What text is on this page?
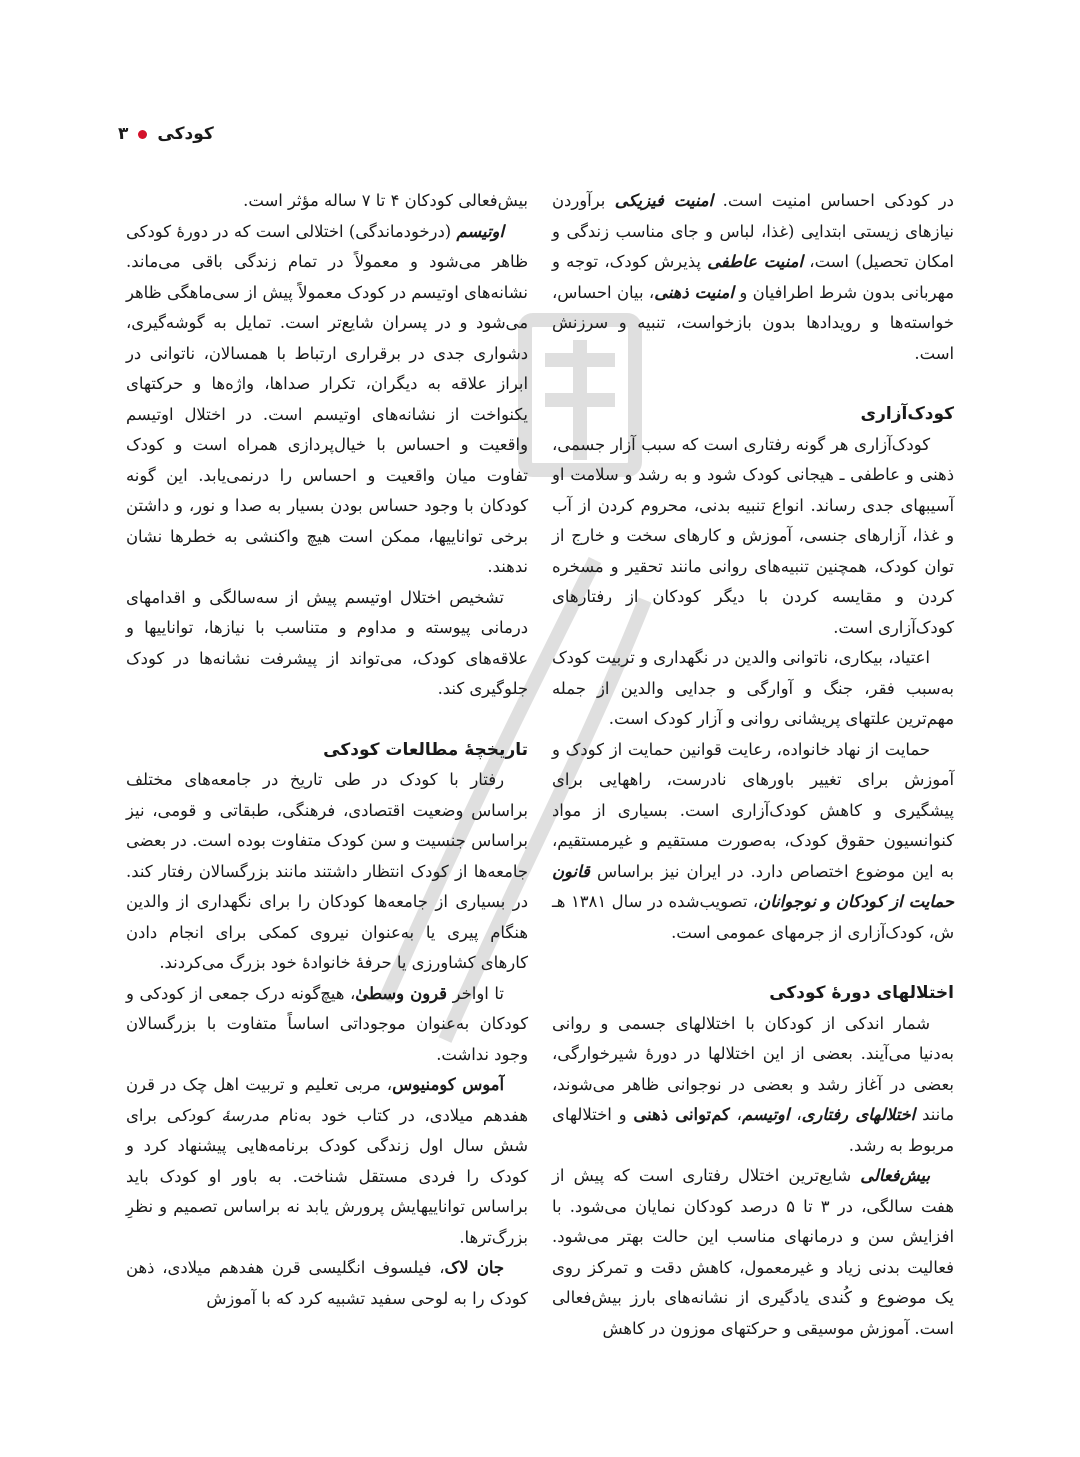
کودکی
۳

در کودکی احساس امنیت است. امنیت فیزیکی برآوردن نیازهای زیستی ابتدایی (غذا، لباس و جای مناسب زندگی و امکان تحصیل) است، امنیت عاطفی پذیرش کودک، توجه و مهربانی بدون شرط اطرافیان و امنیت ذهنی، بیان احساس، خواسته‌ها و رویدادها بدون بازخواست، تنبیه و سرزنش است.

کودک‌آزاری

کودک‌آزاری هر گونه رفتاری است که سبب آزار جسمی، ذهنی و عاطفی ـ هیجانی کودک شود و به رشد و سلامت او آسیبهای جدی رساند. انواع تنبیه بدنی، محروم کردن از آب و غذا، آزارهای جنسی، آموزش و کارهای سخت و خارج از توان کودک، همچنین تنبیه‌های روانی مانند تحقیر و مسخره کردن و مقایسه کردن با دیگر کودکان از رفتارهای کودک‌آزاری است.

اعتیاد، بیکاری، ناتوانی والدین در نگهداری و تربیت کودک به‌سبب فقر، جنگ و آوارگی و جدایی والدین از جمله مهم‌ترین علتهای پریشانی روانی و آزار کودک است.

حمایت از نهاد خانواده، رعایت قوانین حمایت از کودک و آموزش برای تغییر باورهای نادرست، راههایی برای پیشگیری و کاهش کودک‌آزاری است. بسیاری از مواد کنوانسیون حقوق کودک، به‌صورت مستقیم و غیرمستقیم، به این موضوع اختصاص دارد. در ایران نیز براساس قانون حمایت از کودکان و نوجوانان، تصویب‌شده در سال ۱۳۸۱ هـ ش، کودک‌آزاری از جرمهای عمومی است.

اختلالهای دورهٔ کودکی

شمار اندکی از کودکان با اختلالهای جسمی و روانی به‌دنیا می‌آیند. بعضی از این اختلالها در دورهٔ شیرخوارگی، بعضی در آغاز رشد و بعضی در نوجوانی ظاهر می‌شوند، مانند اختلالهای رفتاری، اوتیسم، کم‌توانی ذهنی و اختلالهای مربوط به رشد.

بیش‌فعالی شایع‌ترین اختلال رفتاری است که پیش از هفت سالگی، در ۳ تا ۵ درصد کودکان نمایان می‌شود. با افزایش سن و درمانهای مناسب این حالت بهتر می‌شود. فعالیت بدنی زیاد و غیرمعمول، کاهش دقت و تمرکز روی یک موضوع و کُندی یادگیری از نشانه‌های بارز بیش‌فعالی است. آموزش موسیقی و حرکتهای موزون در کاهش

بیش‌فعالی کودکان ۴ تا ۷ ساله مؤثر است.

اوتیسم (درخودماندگی) اختلالی است که در دورهٔ کودکی ظاهر می‌شود و معمولاً در تمام زندگی باقی می‌ماند. نشانه‌های اوتیسم در کودک معمولاً پیش از سی‌ماهگی ظاهر می‌شود و در پسران شایع‌تر است. تمایل به گوشه‌گیری، دشواری جدی در برقراری ارتباط با همسالان، ناتوانی در ابراز علاقه به دیگران، تکرار صداها، واژه‌ها و حرکتهای یکنواخت از نشانه‌های اوتیسم است. در اختلال اوتیسم واقعیت و احساس با خیال‌پردازی همراه است و کودک تفاوت میان واقعیت و احساس را درنمی‌یابد. این گونه کودکان با وجود حساس بودن بسیار به صدا و نور، و داشتن برخی تواناییها، ممکن است هیچ واکنشی به خطرها نشان ندهند.

تشخیص اختلال اوتیسم پیش از سه‌سالگی و اقدامهای درمانی پیوسته و مداوم و متناسب با نیازها، تواناییها و علاقه‌های کودک، می‌تواند از پیشرفت نشانه‌ها در کودک جلوگیری کند.

تاریخچهٔ مطالعات کودکی

رفتار با کودک در طی تاریخ در جامعه‌های مختلف براساس وضعیت اقتصادی، فرهنگی، طبقاتی و قومی، نیز براساس جنسیت و سن کودک متفاوت بوده است. در بعضی جامعه‌ها از کودک انتظار داشتند مانند بزرگسالان رفتار کند. در بسیاری از جامعه‌ها کودکان را برای نگهداری از والدین هنگام پیری یا به‌عنوان نیروی کمکی برای انجام دادن کارهای کشاورزی یا حرفهٔ خانوادهٔ خود بزرگ می‌کردند.

تا اواخر قرون وسطیٰ، هیچ‌گونه درک جمعی از کودکی و کودکان به‌عنوان موجوداتی اساساً متفاوت با بزرگسالان وجود نداشت.

آموس کومنیوس، مربی تعلیم و تربیت اهل چک در قرن هفدهم میلادی، در کتاب خود به‌نام مدرسهٔ کودکی برای شش سال اول زندگی کودک برنامه‌هایی پیشنهاد کرد و کودک را فردی مستقل شناخت. به باور او کودک باید براساس تواناییهایش پرورش یابد نه براساس تصمیم و نظرِ بزرگ‌ترها.

جان لاک، فیلسوف انگلیسی قرن هفدهم میلادی، ذهن کودک را به لوحی سفید تشبیه کرد که با آموزش
